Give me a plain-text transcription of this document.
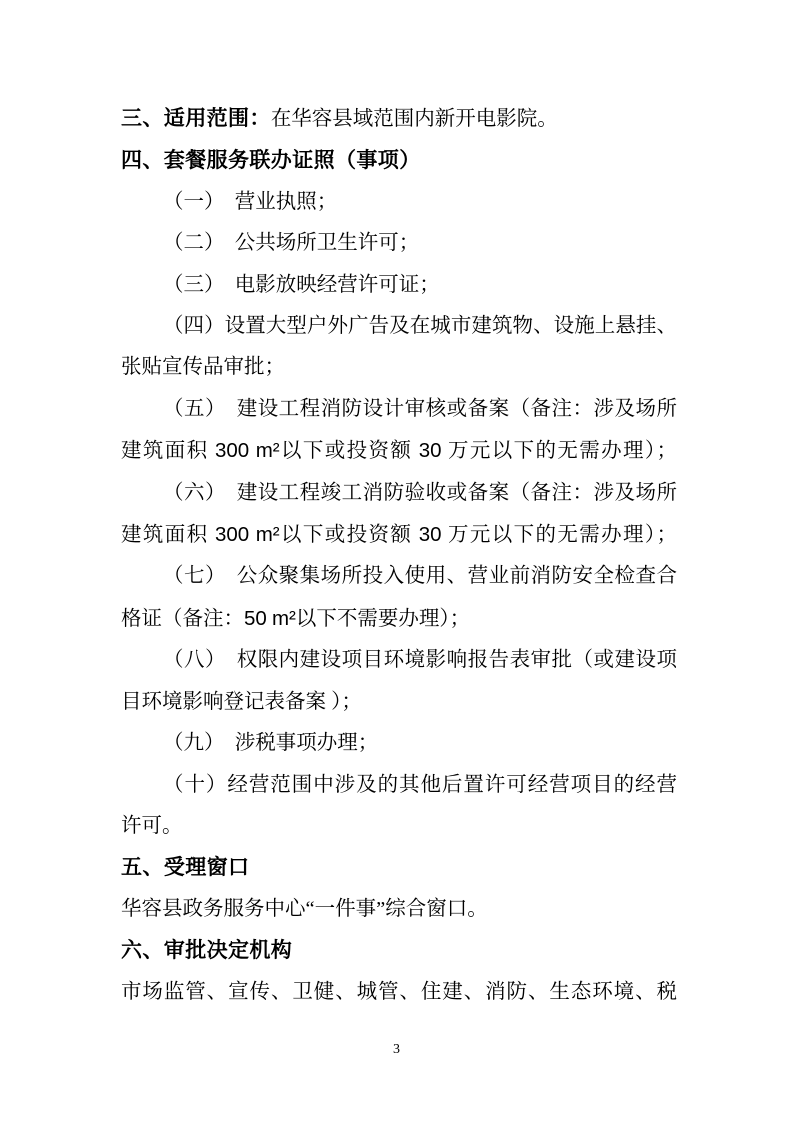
三、适用范围：在华容县域范围内新开电影院。
四、套餐服务联办证照（事项）
（一）　营业执照；
（二）　公共场所卫生许可；
（三）　电影放映经营许可证；
（四）设置大型户外广告及在城市建筑物、设施上悬挂、
张贴宣传品审批；
（五）　建设工程消防设计审核或备案（备注：涉及场所
建筑面积 300 m²以下或投资额 30 万元以下的无需办理）；
（六）　建设工程竣工消防验收或备案（备注：涉及场所
建筑面积 300 m²以下或投资额 30 万元以下的无需办理）；
（七）　公众聚集场所投入使用、营业前消防安全检查合
格证（备注：50 m²以下不需要办理）；
（八）　权限内建设项目环境影响报告表审批（或建设项
目环境影响登记表备案 ）；
（九）　涉税事项办理；
（十）经营范围中涉及的其他后置许可经营项目的经营
许可。
五、受理窗口
华容县政务服务中心“一件事”综合窗口。
六、审批决定机构
市场监管、宣传、卫健、城管、住建、消防、生态环境、税
3
